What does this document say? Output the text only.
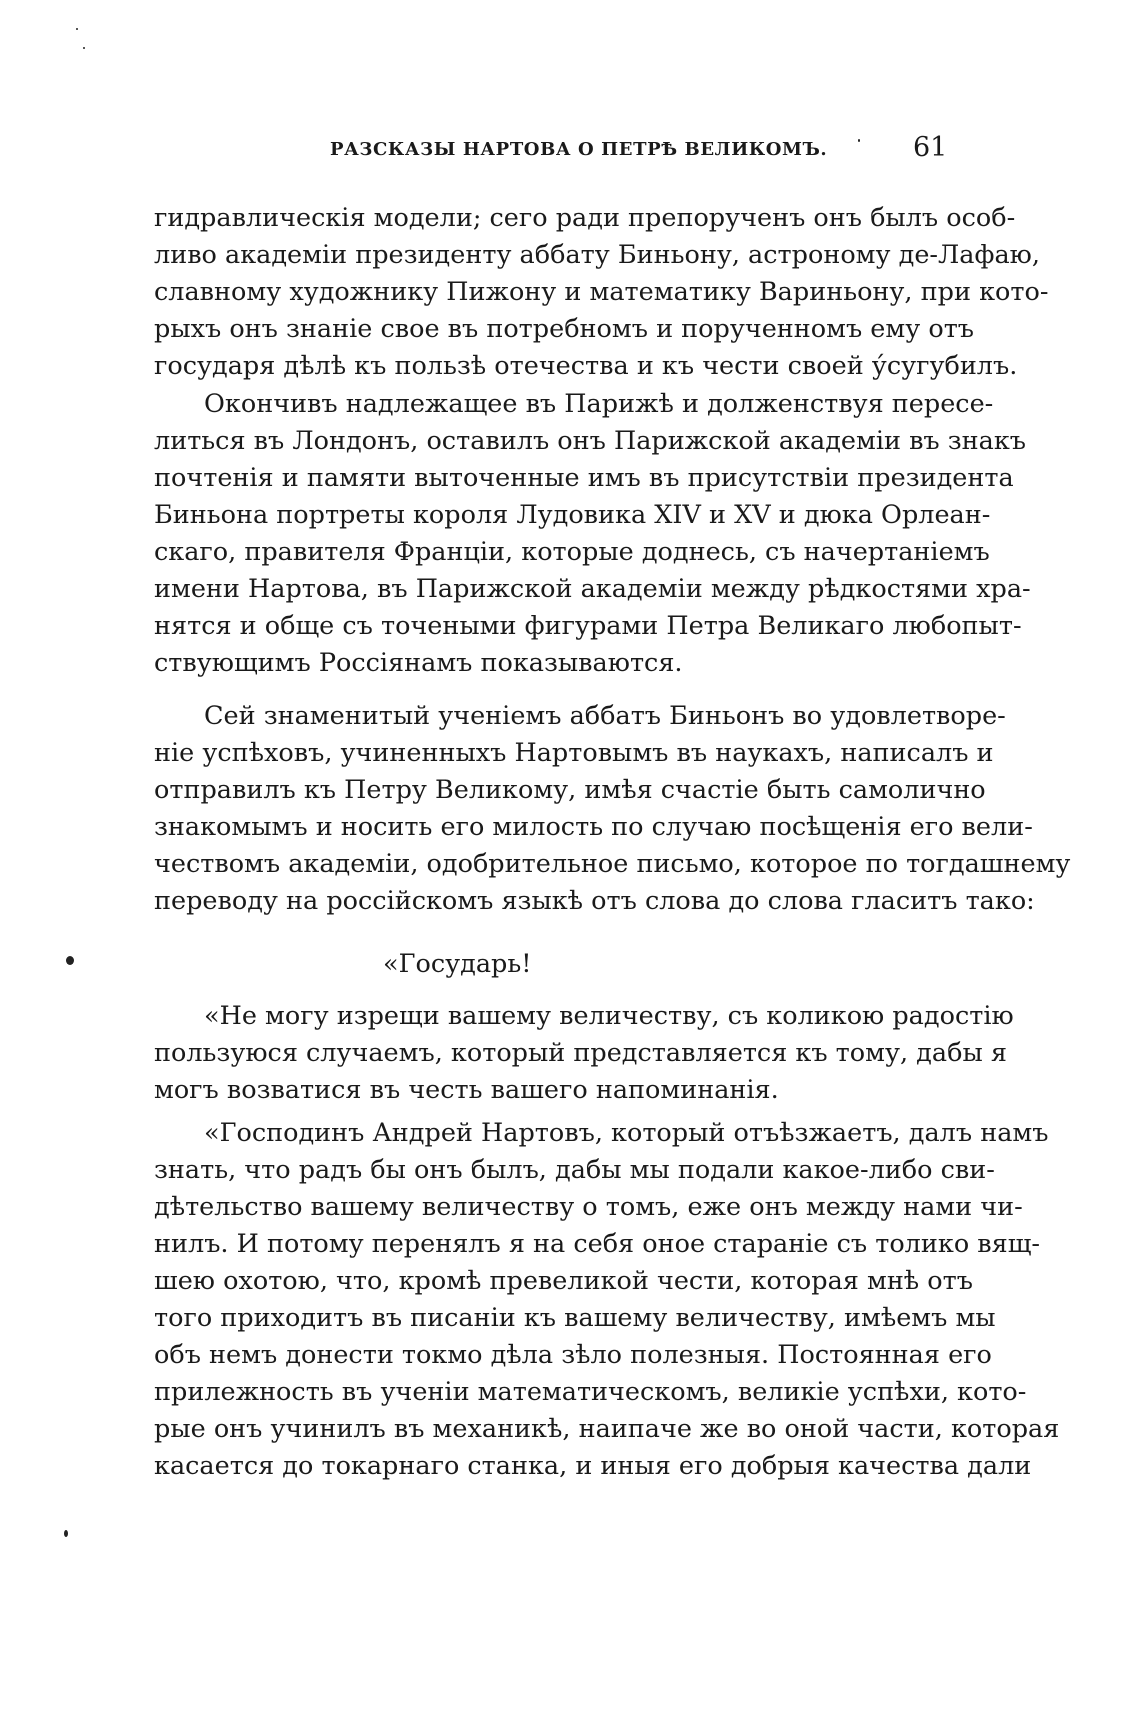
РАЗСКАЗЫ НАРТОВА О ПЕТРѢ ВЕЛИКОМЪ.	61
гидравлическія модели; сего ради препорученъ онъ былъ особ-
ливо академіи президенту аббату Биньону, астроному де-Лафаю,
славному художнику Пижону и математику Вариньону, при кото-
рыхъ онъ знаніе свое въ потребномъ и порученномъ ему отъ
государя дѣлѣ къ пользѣ отечества и къ чести своей у́сугубилъ.
Окончивъ надлежащее въ Парижѣ и долженствуя пересе-
литься въ Лондонъ, оставилъ онъ Парижской академіи въ знакъ
почтенія и памяти выточенные имъ въ присутствіи президента
Биньона портреты короля Лудовика XIV и XV и дюка Орлеан-
скаго, правителя Франціи, которые доднесь, съ начертаніемъ
имени Нартова, въ Парижской академіи между рѣдкостями хра-
нятся и обще съ точеными фигурами Петра Великаго любопыт-
ствующимъ Россіянамъ показываются.
Сей знаменитый ученіемъ аббатъ Биньонъ во удовлетворе-
ніе успѣховъ, учиненныхъ Нартовымъ въ наукахъ, написалъ и
отправилъ къ Петру Великому, имѣя счастіе быть самолично
знакомымъ и носить его милость по случаю посѣщенія его вели-
чествомъ академіи, одобрительное письмо, которое по тогдашнему
переводу на россійскомъ языкѣ отъ слова до слова гласитъ тако:
«Государь!
«Не могу изрещи вашему величеству, съ коликою радостію
пользуюся случаемъ, который представляется къ тому, дабы я
могъ возватися въ честь вашего напоминанія.
«Господинъ Андрей Нартовъ, который отъѣзжаетъ, далъ намъ
знать, что радъ бы онъ былъ, дабы мы подали какое-либо сви-
дѣтельство вашему величеству о томъ, еже онъ между нами чи-
нилъ. И потому перенялъ я на себя оное стараніе съ толико вящ-
шею охотою, что, кромѣ превеликой чести, которая мнѣ отъ
того приходитъ въ писаніи къ вашему величеству, имѣемъ мы
объ немъ донести токмо дѣла зѣло полезныя. Постоянная его
прилежность въ ученіи математическомъ, великіе успѣхи, кото-
рые онъ учинилъ въ механикѣ, наипаче же во оной части, которая
касается до токарнаго станка, и иныя его добрыя качества дали
